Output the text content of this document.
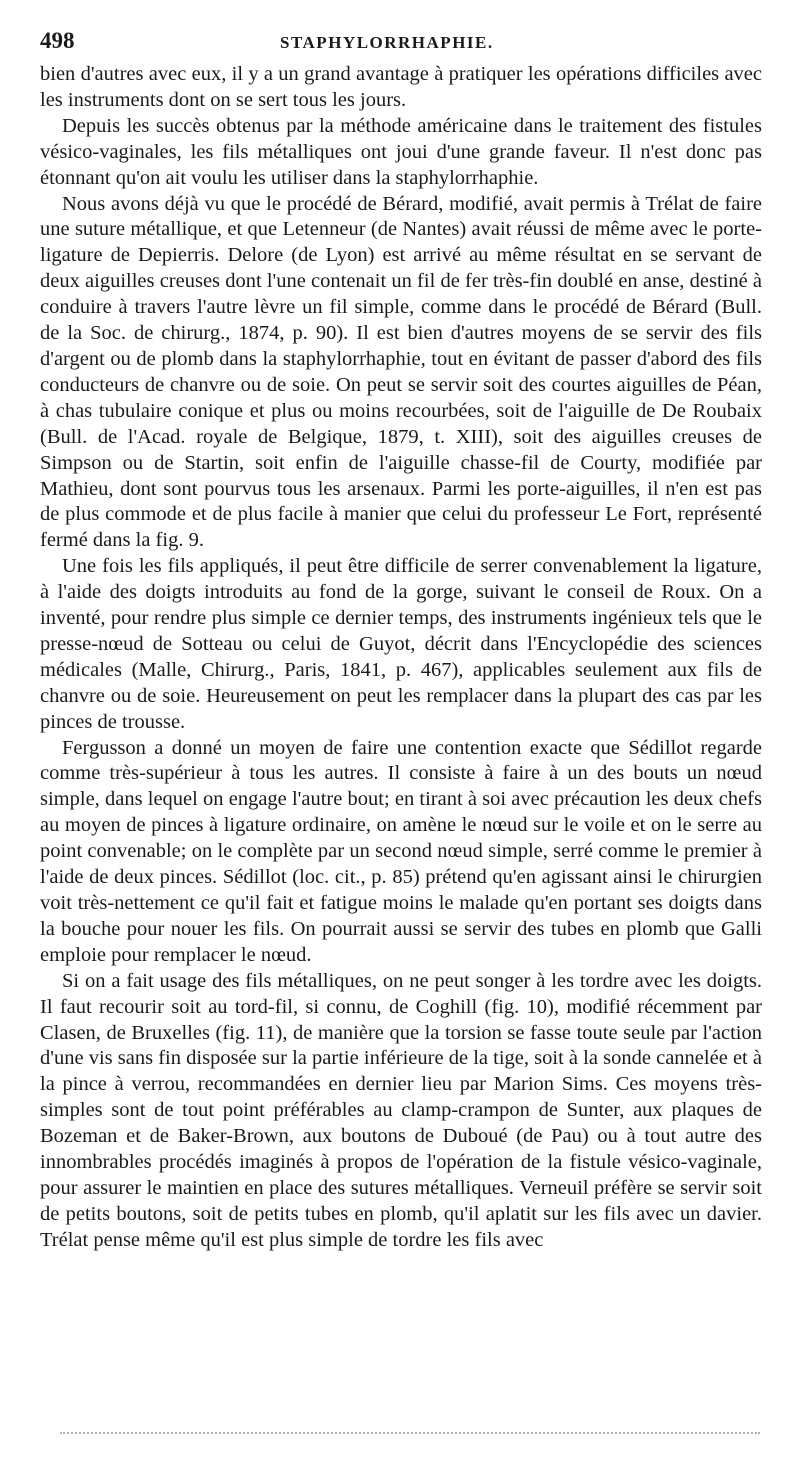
498	STAPHYLORRHAPHIE.

bien d'autres avec eux, il y a un grand avantage à pratiquer les opérations difficiles avec les instruments dont on se sert tous les jours.

Depuis les succès obtenus par la méthode américaine dans le traitement des fistules vésico-vaginales, les fils métalliques ont joui d'une grande faveur. Il n'est donc pas étonnant qu'on ait voulu les utiliser dans la staphylorrhaphie.

Nous avons déjà vu que le procédé de Bérard, modifié, avait permis à Trélat de faire une suture métallique, et que Letenneur (de Nantes) avait réussi de même avec le porte-ligature de Depierris. Delore (de Lyon) est arrivé au même résultat en se servant de deux aiguilles creuses dont l'une contenait un fil de fer très-fin doublé en anse, destiné à conduire à travers l'autre lèvre un fil simple, comme dans le procédé de Bérard (Bull. de la Soc. de chirurg., 1874, p. 90). Il est bien d'autres moyens de se servir des fils d'argent ou de plomb dans la staphylorrhaphie, tout en évitant de passer d'abord des fils conducteurs de chanvre ou de soie. On peut se servir soit des courtes aiguilles de Péan, à chas tubulaire conique et plus ou moins recourbées, soit de l'aiguille de De Roubaix (Bull. de l'Acad. royale de Belgique, 1879, t. XIII), soit des aiguilles creuses de Simpson ou de Startin, soit enfin de l'aiguille chasse-fil de Courty, modifiée par Mathieu, dont sont pourvus tous les arsenaux. Parmi les porte-aiguilles, il n'en est pas de plus commode et de plus facile à manier que celui du professeur Le Fort, représenté fermé dans la fig. 9.

Une fois les fils appliqués, il peut être difficile de serrer convenablement la ligature, à l'aide des doigts introduits au fond de la gorge, suivant le conseil de Roux. On a inventé, pour rendre plus simple ce dernier temps, des instruments ingénieux tels que le presse-nœud de Sotteau ou celui de Guyot, décrit dans l'Encyclopédie des sciences médicales (Malle, Chirurg., Paris, 1841, p. 467), applicables seulement aux fils de chanvre ou de soie. Heureusement on peut les remplacer dans la plupart des cas par les pinces de trousse.

Fergusson a donné un moyen de faire une contention exacte que Sédillot regarde comme très-supérieur à tous les autres. Il consiste à faire à un des bouts un nœud simple, dans lequel on engage l'autre bout; en tirant à soi avec précaution les deux chefs au moyen de pinces à ligature ordinaire, on amène le nœud sur le voile et on le serre au point convenable; on le complète par un second nœud simple, serré comme le premier à l'aide de deux pinces. Sédillot (loc. cit., p. 85) prétend qu'en agissant ainsi le chirurgien voit très-nettement ce qu'il fait et fatigue moins le malade qu'en portant ses doigts dans la bouche pour nouer les fils. On pourrait aussi se servir des tubes en plomb que Galli emploie pour remplacer le nœud.

Si on a fait usage des fils métalliques, on ne peut songer à les tordre avec les doigts. Il faut recourir soit au tord-fil, si connu, de Coghill (fig. 10), modifié récemment par Clasen, de Bruxelles (fig. 11), de manière que la torsion se fasse toute seule par l'action d'une vis sans fin disposée sur la partie inférieure de la tige, soit à la sonde cannelée et à la pince à verrou, recommandées en dernier lieu par Marion Sims. Ces moyens très-simples sont de tout point préférables au clamp-crampon de Sunter, aux plaques de Bozeman et de Baker-Brown, aux boutons de Duboué (de Pau) ou à tout autre des innombrables procédés imaginés à propos de l'opération de la fistule vésico-vaginale, pour assurer le maintien en place des sutures métalliques. Verneuil préfère se servir soit de petits boutons, soit de petits tubes en plomb, qu'il aplatit sur les fils avec un davier. Trélat pense même qu'il est plus simple de tordre les fils avec
